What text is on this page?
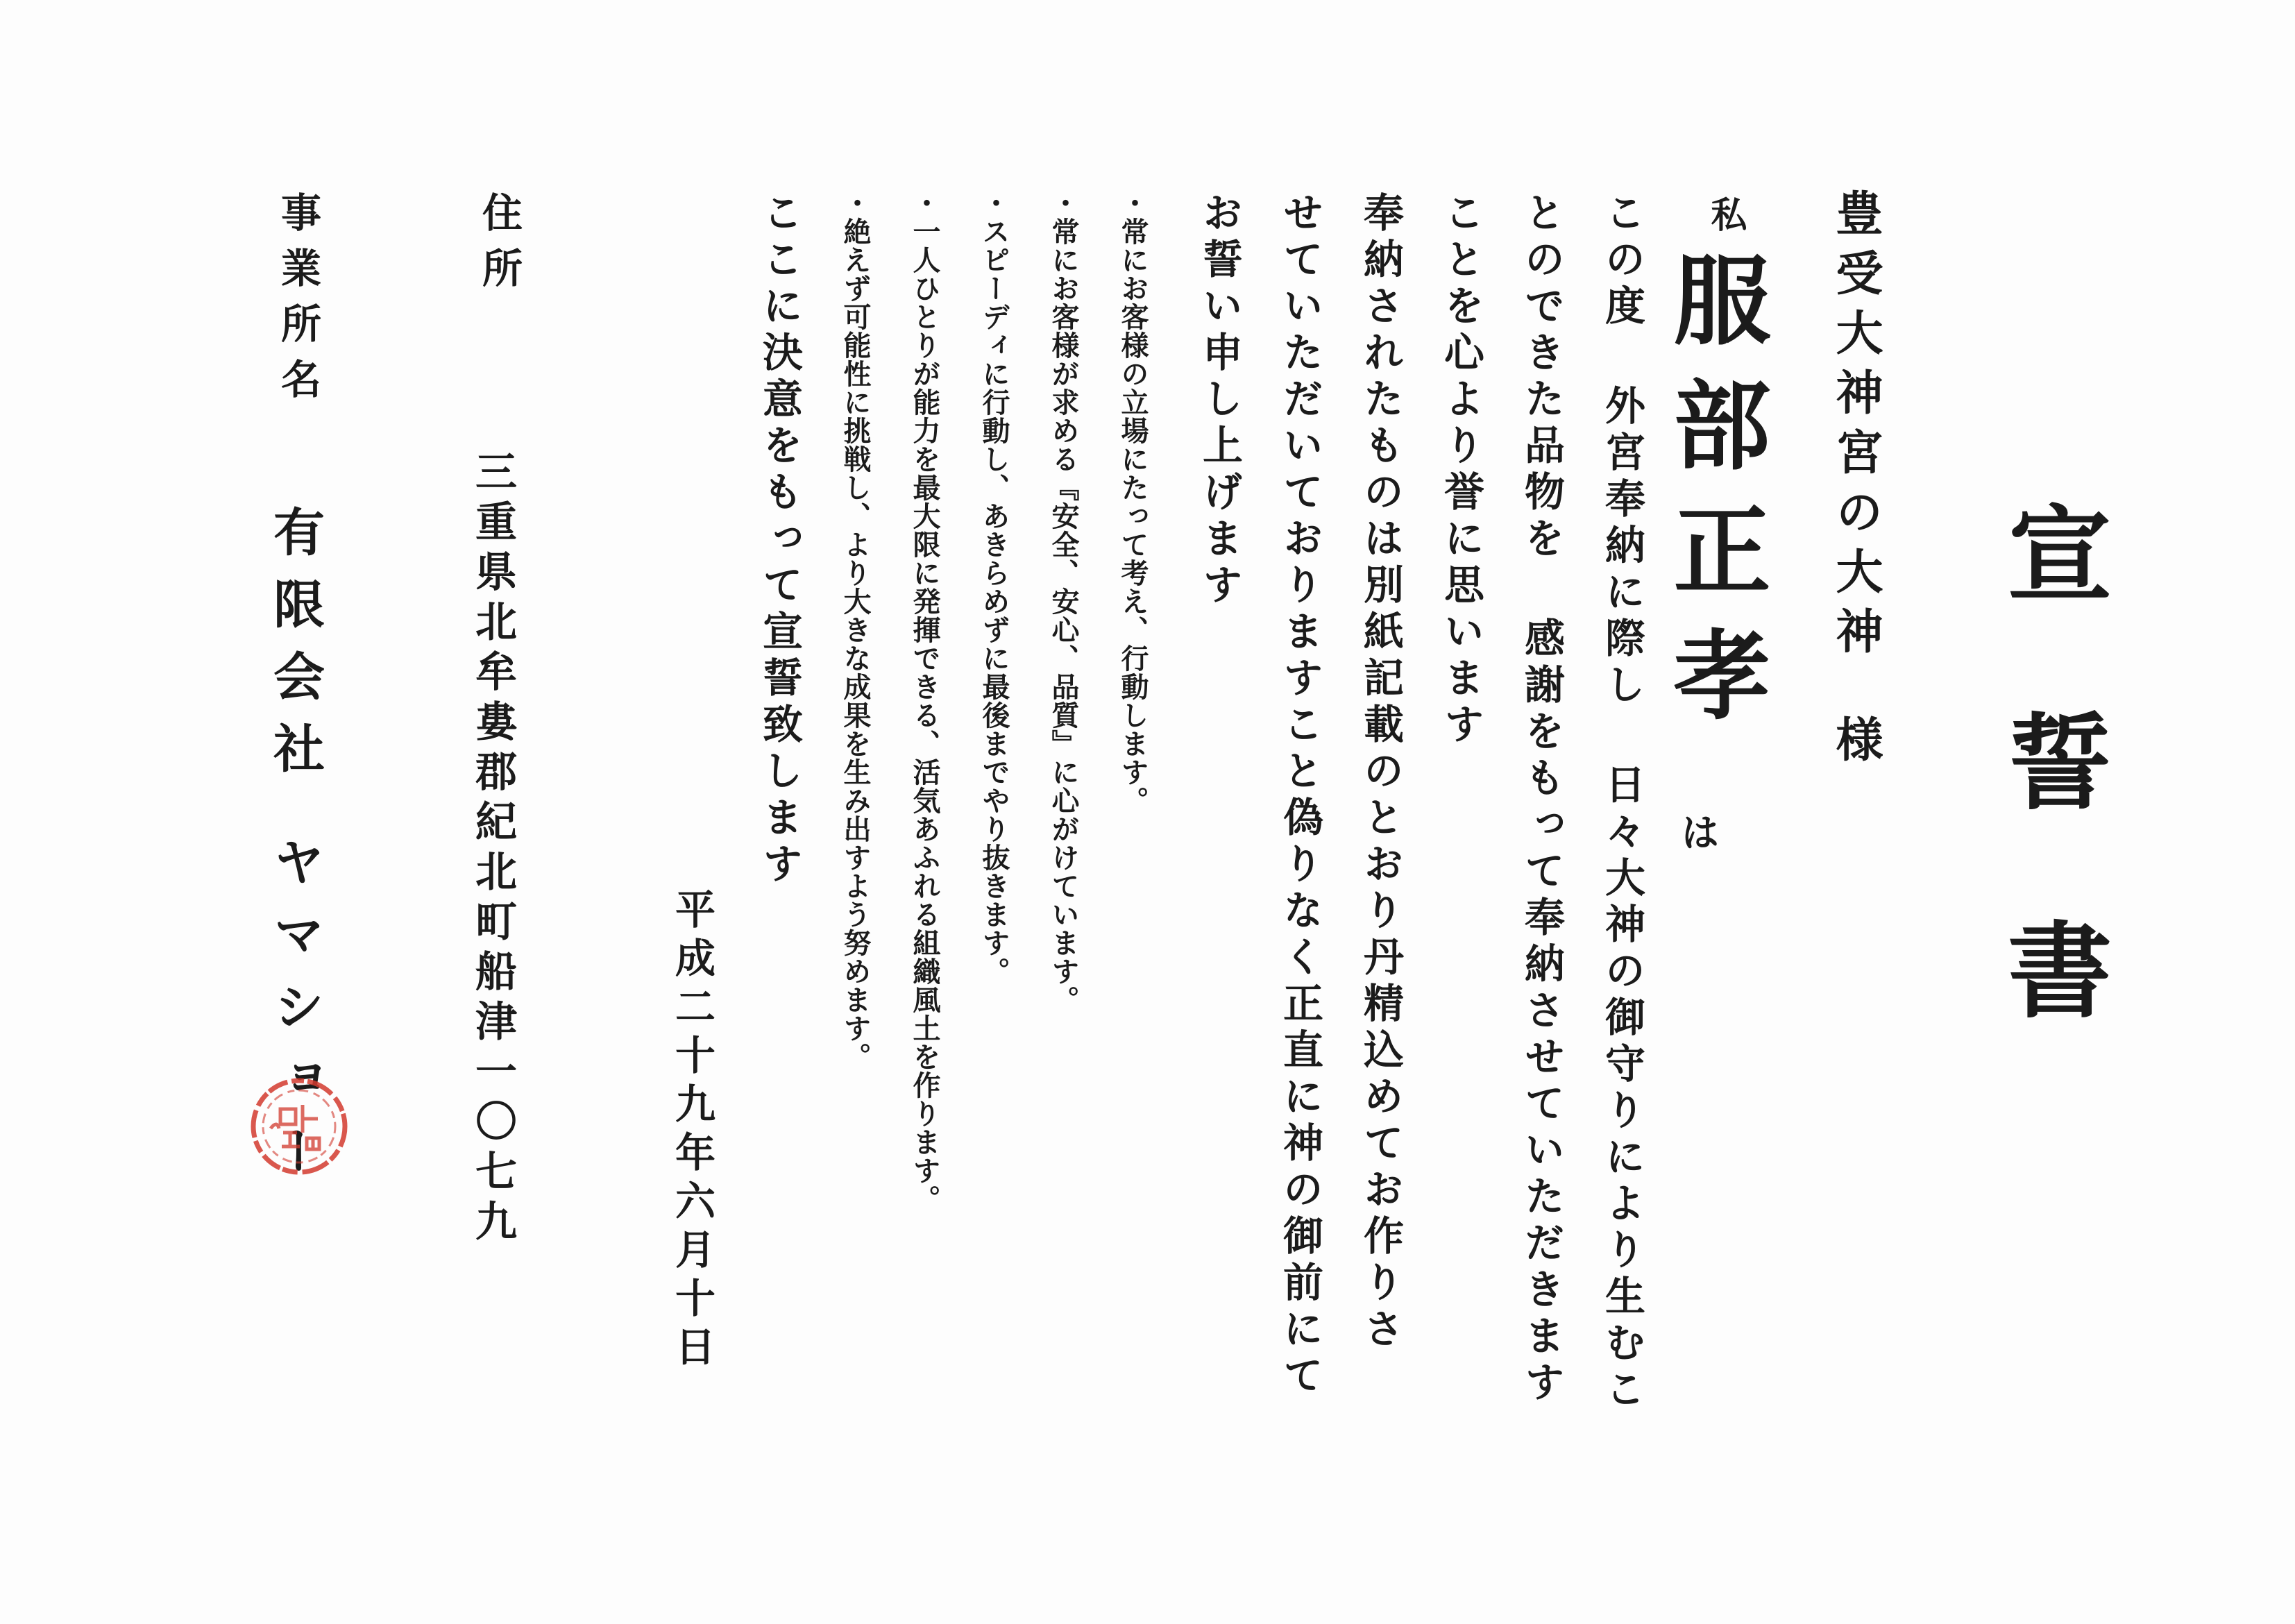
宣誓書
豊受大神宮の大神様
私
服部正孝
は
この度 外宮奉納に際し 日々大神の御守りにより生むこ
とのできた品物を 感謝をもって奉納させていただきます
ことを心より誉に思います
奉納されたものは別紙記載のとおり丹精込めてお作りさ
せていただいておりますこと偽りなく正直に神の御前にて
お誓い申し上げます
・常にお客様の立場にたって考え、行動します。
・常にお客様が求める『安全、安心、品質』に心がけています。
・スピーディに行動し、あきらめずに最後までやり抜きます。
・一人ひとりが能力を最大限に発揮できる、活気あふれる組織風土を作ります。
・絶えず可能性に挑戦し、より大きな成果を生み出すよう努めます。
ここに決意をもって宣誓致します
平成二十九年六月十日
住所
三重県北牟婁郡紀北町船津一〇七九
事業所名
有限会社ヤマショー
